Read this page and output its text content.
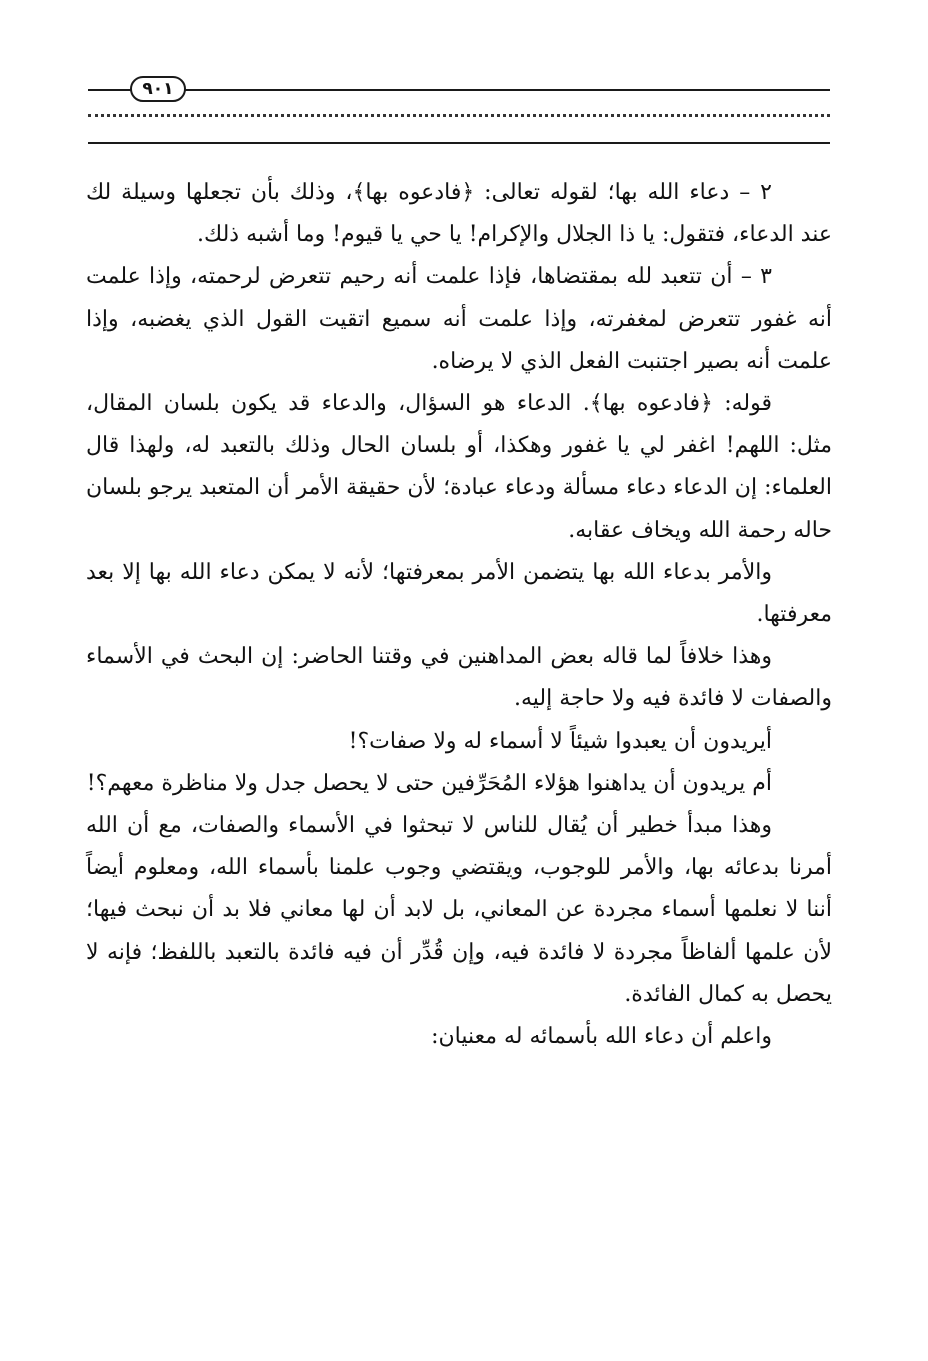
٩٠١

٢ – دعاء الله بها؛ لقوله تعالى: ﴿فادعوه بها﴾، وذلك بأن تجعلها وسيلة لك عند الدعاء، فتقول: يا ذا الجلال والإكرام! يا حي يا قيوم! وما أشبه ذلك.

٣ – أن تتعبد لله بمقتضاها، فإذا علمت أنه رحيم تتعرض لرحمته، وإذا علمت أنه غفور تتعرض لمغفرته، وإذا علمت أنه سميع اتقيت القول الذي يغضبه، وإذا علمت أنه بصير اجتنبت الفعل الذي لا يرضاه.

قوله: ﴿فادعوه بها﴾. الدعاء هو السؤال، والدعاء قد يكون بلسان المقال، مثل: اللهم! اغفر لي يا غفور وهكذا، أو بلسان الحال وذلك بالتعبد له، ولهذا قال العلماء: إن الدعاء دعاء مسألة ودعاء عبادة؛ لأن حقيقة الأمر أن المتعبد يرجو بلسان حاله رحمة الله ويخاف عقابه.

والأمر بدعاء الله بها يتضمن الأمر بمعرفتها؛ لأنه لا يمكن دعاء الله بها إلا بعد معرفتها.

وهذا خلافاً لما قاله بعض المداهنين في وقتنا الحاضر: إن البحث في الأسماء والصفات لا فائدة فيه ولا حاجة إليه.

أيريدون أن يعبدوا شيئاً لا أسماء له ولا صفات؟!

أم يريدون أن يداهنوا هؤلاء المُحَرِّفين حتى لا يحصل جدل ولا مناظرة معهم؟!

وهذا مبدأ خطير أن يُقال للناس لا تبحثوا في الأسماء والصفات، مع أن الله أمرنا بدعائه بها، والأمر للوجوب، ويقتضي وجوب علمنا بأسماء الله، ومعلوم أيضاً أننا لا نعلمها أسماء مجردة عن المعاني، بل لابد أن لها معاني فلا بد أن نبحث فيها؛ لأن علمها ألفاظاً مجردة لا فائدة فيه، وإن قُدِّر أن فيه فائدة بالتعبد باللفظ؛ فإنه لا يحصل به كمال الفائدة.

واعلم أن دعاء الله بأسمائه له معنيان:
